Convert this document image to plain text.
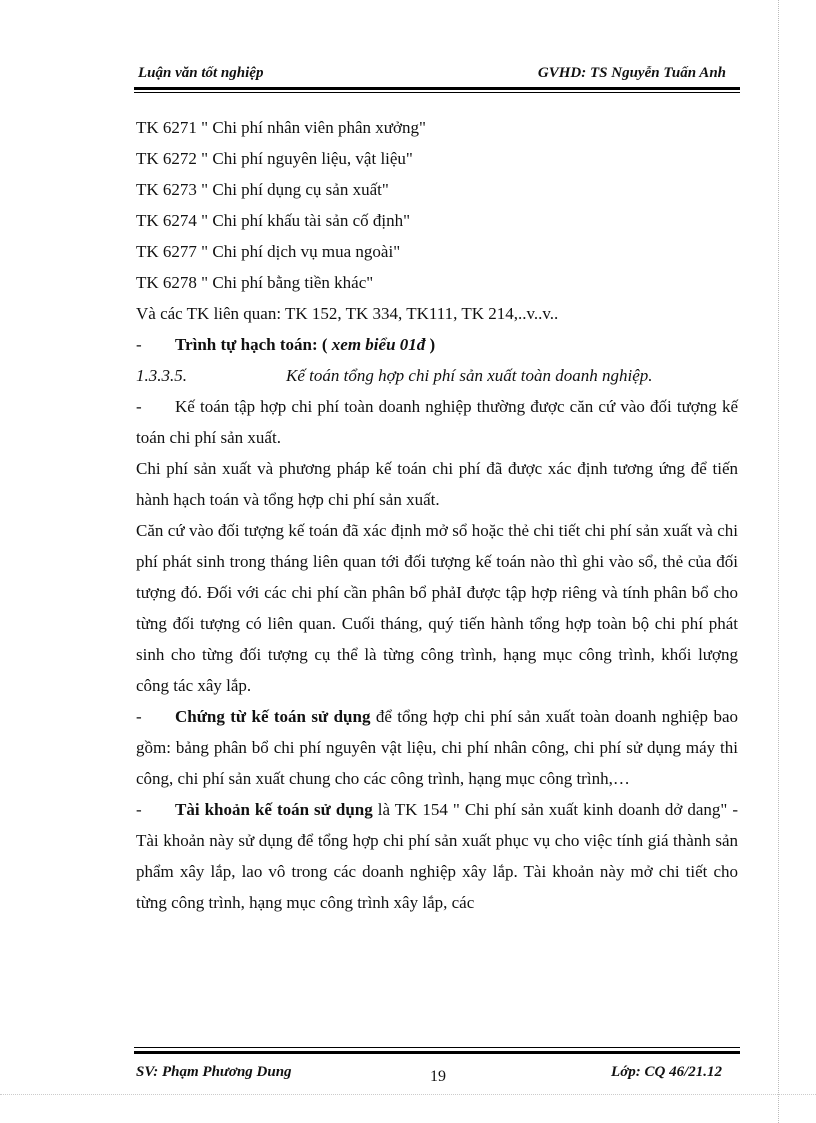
Luận văn tốt nghiệp	GVHD: TS Nguyễn Tuấn Anh
TK 6271 " Chi phí nhân viên phân xưởng"
TK 6272 " Chi phí nguyên liệu, vật liệu"
TK 6273 " Chi phí dụng cụ sản xuất"
TK 6274 " Chi phí khấu tài sản cố định"
TK 6277 " Chi phí dịch vụ mua ngoài"
TK 6278 " Chi phí bằng tiền khác"
Và các TK liên quan: TK 152, TK 334, TK111, TK 214,..v..v..
- Trình tự hạch toán: ( xem biểu 01đ )
1.3.3.5.	Kế toán tổng hợp chi phí sản xuất toàn doanh nghiệp.

- Kế toán tập hợp chi phí toàn doanh nghiệp thường được căn cứ vào đối tượng kế toán chi phí sản xuất.

Chi phí sản xuất và phương pháp kế toán chi phí đã được xác định tương ứng để tiến hành hạch toán và tổng hợp chi phí sản xuất.

Căn cứ vào đối tượng kế toán đã xác định mở sổ hoặc thẻ chi tiết chi phí sản xuất và chi phí phát sinh trong tháng liên quan tới đối tượng kế toán nào thì ghi vào sổ, thẻ của đối tượng đó. Đối với các chi phí cần phân bổ phảI được tập hợp riêng và tính phân bổ cho từng đối tượng có liên quan. Cuối tháng, quý tiến hành tổng hợp toàn bộ chi phí phát sinh cho từng đối tượng cụ thể là từng công trình, hạng mục công trình, khối lượng công tác xây lắp.

- Chứng từ kế toán sử dụng để tổng hợp chi phí sản xuất toàn doanh nghiệp bao gồm: bảng phân bổ chi phí nguyên vật liệu, chi phí nhân công, chi phí sử dụng máy thi công, chi phí sản xuất chung cho các công trình, hạng mục công trình,…

- Tài khoản kế toán sử dụng là TK 154 " Chi phí sản xuất kinh doanh dở dang" - Tài khoản này sử dụng để tổng hợp chi phí sản xuất phục vụ cho việc tính giá thành sản phẩm xây lắp, lao vô trong các doanh nghiệp xây lắp. Tài khoản này mở chi tiết cho từng công trình, hạng mục công trình xây lắp, các

SV: Phạm Phương Dung	19	Lớp: CQ 46/21.12
